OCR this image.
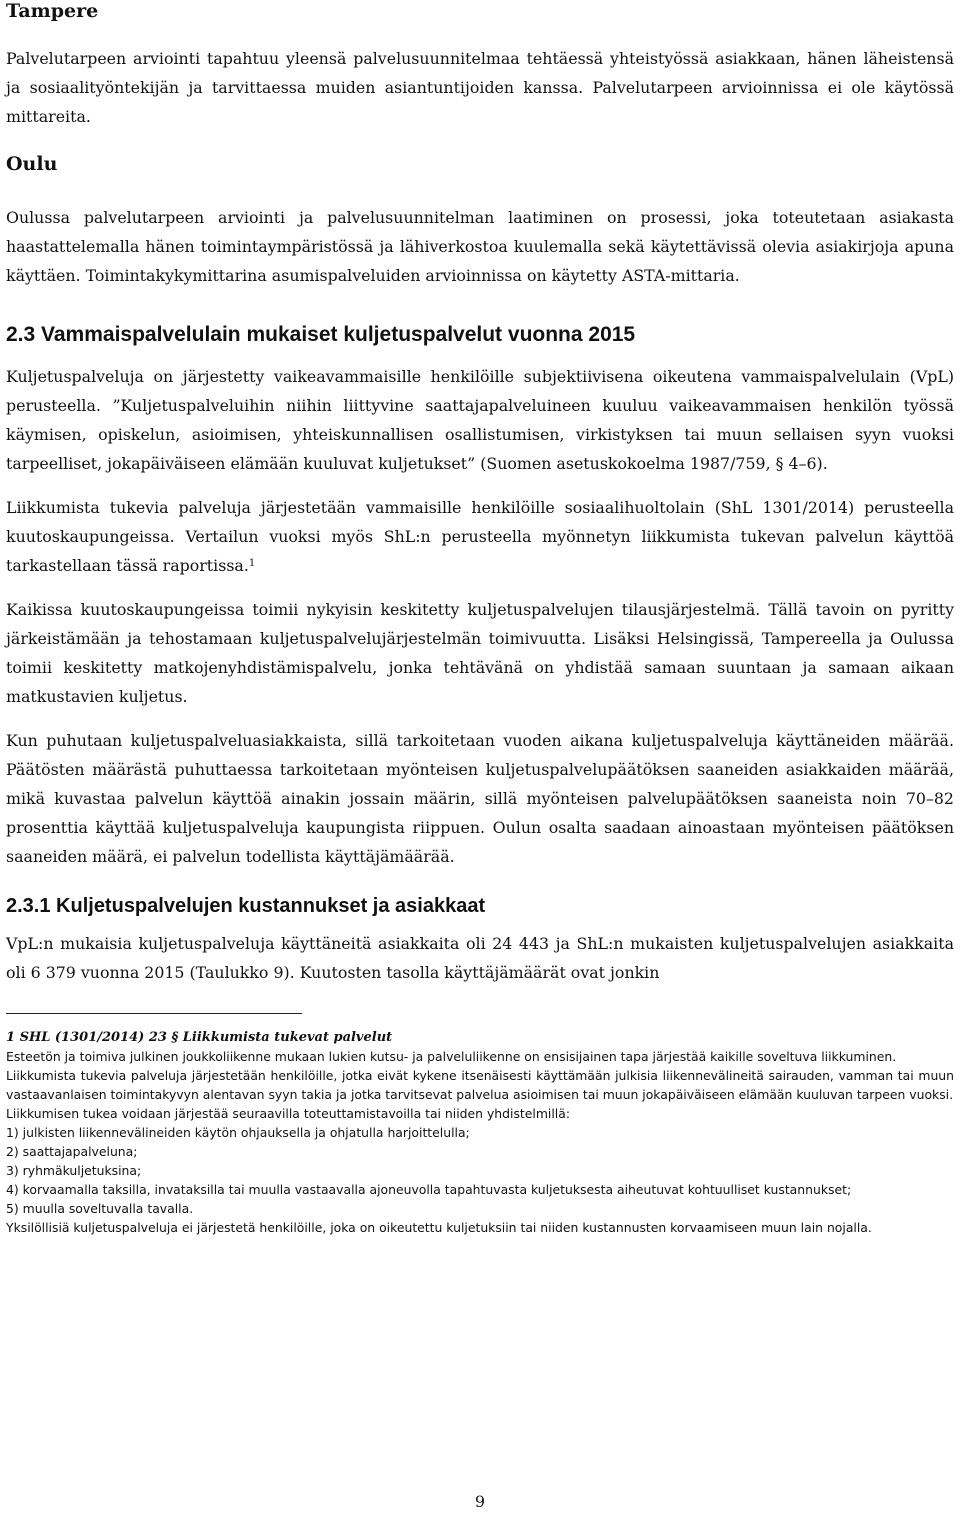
Tampere

Palvelutarpeen arviointi tapahtuu yleensä palvelusuunnitelmaa tehtäessä yhteistyössä asiakkaan, hänen läheistensä ja sosiaalityöntekijän ja tarvittaessa muiden asiantuntijoiden kanssa. Palvelutarpeen arvioinnissa ei ole käytössä mittareita.

Oulu

Oulussa palvelutarpeen arviointi ja palvelusuunnitelman laatiminen on prosessi, joka toteutetaan asiakasta haastattelemalla hänen toimintaympäristössä ja lähiverkostoa kuulemalla sekä käytettävissä olevia asiakirjoja apuna käyttäen. Toimintakykymittarina asumispalveluiden arvioinnissa on käytetty ASTA-mittaria.

2.3 Vammaispalvelulain mukaiset kuljetuspalvelut vuonna 2015

Kuljetuspalveluja on järjestetty vaikeavammaisille henkilöille subjektiivisena oikeutena vammaispalvelulain (VpL) perusteella. ”Kuljetuspalveluihin niihin liittyvine saattajapalveluineen kuuluu vaikeavammaisen henkilön työssä käymisen, opiskelun, asioimisen, yhteiskunnallisen osallistumisen, virkistyksen tai muun sellaisen syyn vuoksi tarpeelliset, jokapäiväiseen elämään kuuluvat kuljetukset” (Suomen asetuskokoelma 1987/759, § 4–6).

Liikkumista tukevia palveluja järjestetään vammaisille henkilöille sosiaalihuoltolain (ShL 1301/2014) perusteella kuutoskaupungeissa. Vertailun vuoksi myös ShL:n perusteella myönnetyn liikkumista tukevan palvelun käyttöä tarkastellaan tässä raportissa.$^1$

Kaikissa kuutoskaupungeissa toimii nykyisin keskitetty kuljetuspalvelujen tilausjärjestelmä. Tällä tavoin on pyritty järkeistämään ja tehostamaan kuljetuspalvelujärjestelmän toimivuutta. Lisäksi Helsingissä, Tampereella ja Oulussa toimii keskitetty matkojenyhdistämispalvelu, jonka tehtävänä on yhdistää samaan suuntaan ja samaan aikaan matkustavien kuljetus.

Kun puhutaan kuljetuspalveluasiakkaista, sillä tarkoitetaan vuoden aikana kuljetuspalveluja käyttäneiden määrää. Päätösten määrästä puhuttaessa tarkoitetaan myönteisen kuljetuspalvelupäätöksen saaneiden asiakkaiden määrää, mikä kuvastaa palvelun käyttöä ainakin jossain määrin, sillä myönteisen palvelupäätöksen saaneista noin 70–82 prosenttia käyttää kuljetuspalveluja kaupungista riippuen. Oulun osalta saadaan ainoastaan myönteisen päätöksen saaneiden määrä, ei palvelun todellista käyttäjämäärää.

2.3.1 Kuljetuspalvelujen kustannukset ja asiakkaat

VpL:n mukaisia kuljetuspalveluja käyttäneitä asiakkaita oli 24 443 ja ShL:n mukaisten kuljetuspalvelujen asiakkaita oli 6 379 vuonna 2015 (Taulukko 9). Kuutosten tasolla käyttäjämäärät ovat jonkin

1 SHL (1301/2014) 23 § Liikkumista tukevat palvelut

Esteetön ja toimiva julkinen joukkoliikenne mukaan lukien kutsu- ja palveluliikenne on ensisijainen tapa järjestää kaikille soveltuva liikkuminen.

Liikkumista tukevia palveluja järjestetään henkilöille, jotka eivät kykene itsenäisesti käyttämään julkisia liikennevälineitä sairauden, vamman tai muun vastaavanlaisen toimintakyvyn alentavan syyn takia ja jotka tarvitsevat palvelua asioimisen tai muun jokapäiväiseen elämään kuuluvan tarpeen vuoksi.

Liikkumisen tukea voidaan järjestää seuraavilla toteuttamistavoilla tai niiden yhdistelmillä:

1) julkisten liikennevälineiden käytön ohjauksella ja ohjatulla harjoittelulla;

2) saattajapalveluna;

3) ryhmäkuljetuksina;

4) korvaamalla taksilla, invataksilla tai muulla vastaavalla ajoneuvolla tapahtuvasta kuljetuksesta aiheutuvat kohtuulliset kustannukset;

5) muulla soveltuvalla tavalla.

Yksilöllisiä kuljetuspalveluja ei järjestetä henkilöille, joka on oikeutettu kuljetuksiin tai niiden kustannusten korvaamiseen muun lain nojalla.

9
